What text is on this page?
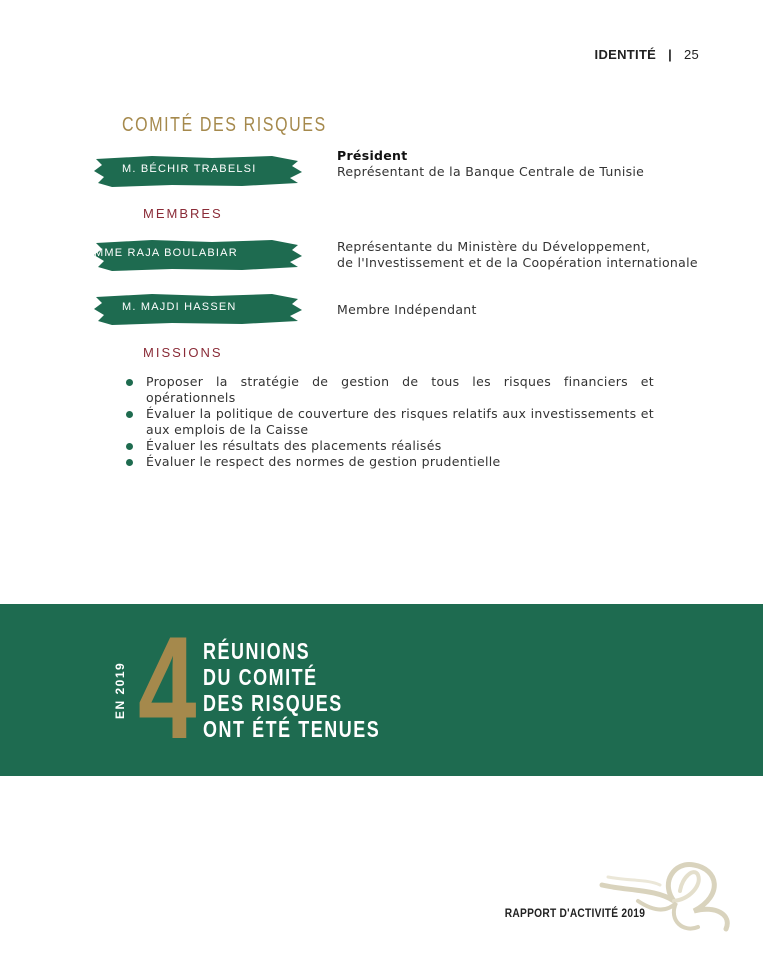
IDENTITÉ | 25
COMITÉ DES RISQUES
M. BÉCHIR TRABELSI
Président
Représentant de la Banque Centrale de Tunisie
MEMBRES
MME RAJA BOULABIAR	Représentante du Ministère du Développement,
de l'Investissement et de la Coopération internationale
M. MAJDI HASSEN	Membre Indépendant
MISSIONS
Proposer la stratégie de gestion de tous les risques financiers et opérationnels
Évaluer la politique de couverture des risques relatifs aux investissements et aux emplois de la Caisse
Évaluer les résultats des placements réalisés
Évaluer le respect des normes de gestion prudentielle
EN 2019 4 RÉUNIONS
DU COMITÉ
DES RISQUES
ONT ÉTÉ TENUES
RAPPORT D'ACTIVITÉ 2019
